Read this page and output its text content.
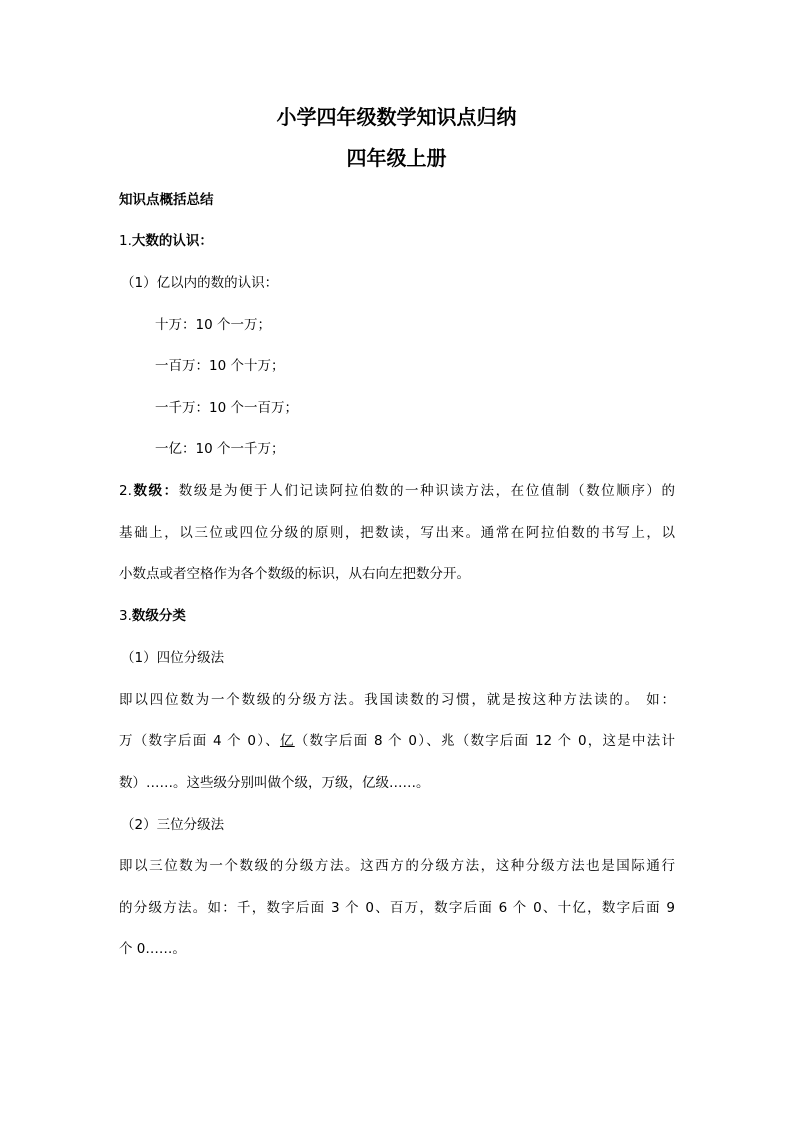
小学四年级数学知识点归纳
四年级上册
知识点概括总结
1.大数的认识：
（1）亿以内的数的认识：
十万：10 个一万；
一百万：10 个十万；
一千万：10 个一百万；
一亿：10 个一千万；
2.数级：数级是为便于人们记读阿拉伯数的一种识读方法，在位值制（数位顺序）的
基础上，以三位或四位分级的原则，把数读，写出来。通常在阿拉伯数的书写上，以
小数点或者空格作为各个数级的标识，从右向左把数分开。
3.数级分类
（1）四位分级法
即以四位数为一个数级的分级方法。我国读数的习惯，就是按这种方法读的。 如：
万（数字后面 4 个 0）、亿（数字后面 8 个 0）、兆（数字后面 12 个 0，这是中法计
数）……。这些级分别叫做个级，万级，亿级……。
（2）三位分级法
即以三位数为一个数级的分级方法。这西方的分级方法，这种分级方法也是国际通行
的分级方法。如：千，数字后面 3 个 0、百万，数字后面 6 个 0、十亿，数字后面 9
个 0……。
